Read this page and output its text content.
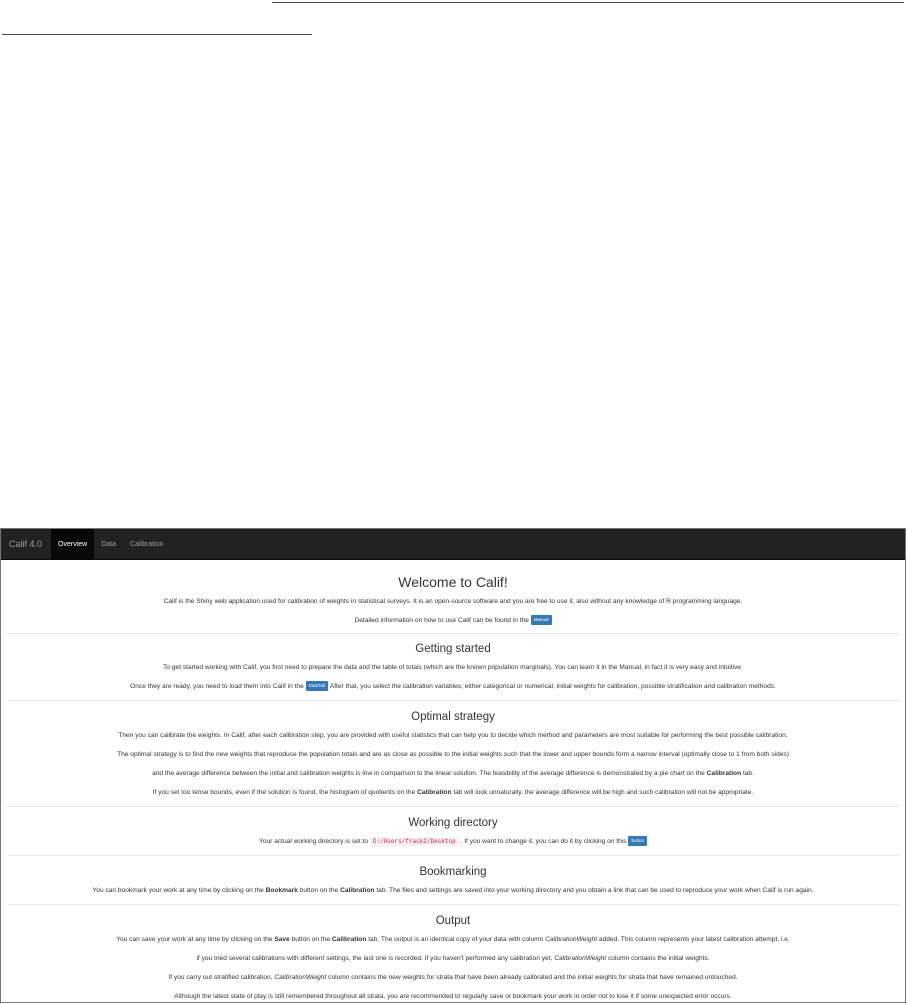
Calif 4.0	Overview	Data	Calibration
Welcome to Calif!

Calif is the Shiny web application used for calibration of weights in statistical surveys. It is an open-source software and you are free to use it, also without any knowledge of R programming language.

Detailed information on how to use Calif can be found in the Manual

Getting started

To get started working with Calif, you first need to prepare the data and the table of totals (which are the known population marginals). You can learn it in the Manual, in fact it is very easy and intuitive.

Once they are ready, you need to load them into Calif in the DataTab After that, you select the calibration variables, either categorical or numerical, initial weights for calibration, possible stratification and calibration methods.

Optimal strategy

Then you can calibrate the weights. In Calif, after each calibration step, you are provided with useful statistics that can help you to decide which method and parameters are most suitable for performing the best possible calibration.

The optimal strategy is to find the new weights that reproduce the population totals and are as close as possible to the initial weights such that the lower and upper bounds form a narrow interval (optimally close to 1 from both sides)

and the average difference between the initial and calibration weights is low in comparison to the linear solution. The feasibility of the average difference is demonstrated by a pie chart on the Calibration tab.

If you set too tense bounds, even if the solution is found, the histogram of quotients on the Calibration tab will look unnaturally, the average difference will be high and such calibration will not be appropriate.

Working directory

Your actual working directory is set to D:/Users/frack2/Desktop . If you want to change it, you can do it by clicking on this button

Bookmarking

You can bookmark your work at any time by clicking on the Bookmark button on the Calibration tab. The files and settings are saved into your working directory and you obtain a link that can be used to reproduce your work when Calif is run again.

Output

You can save your work at any time by clicking on the Save button on the Calibration tab. The output is an identical copy of your data with column CalibrationWeight added. This column represents your latest calibration attempt, i.e.

if you tried several calibrations with different settings, the last one is recorded. If you haven't performed any calibration yet, CalibrationWeight column contains the initial weights.

If you carry out stratified calibration, CalibrationWeight column contains the new weights for strata that have been already calibrated and the initial weights for strata that have remained untouched.

Although the latest state of play is still remembered throughout all strata, you are recommended to regularly save or bookmark your work in order not to lose it if some unexpected error occurs.
